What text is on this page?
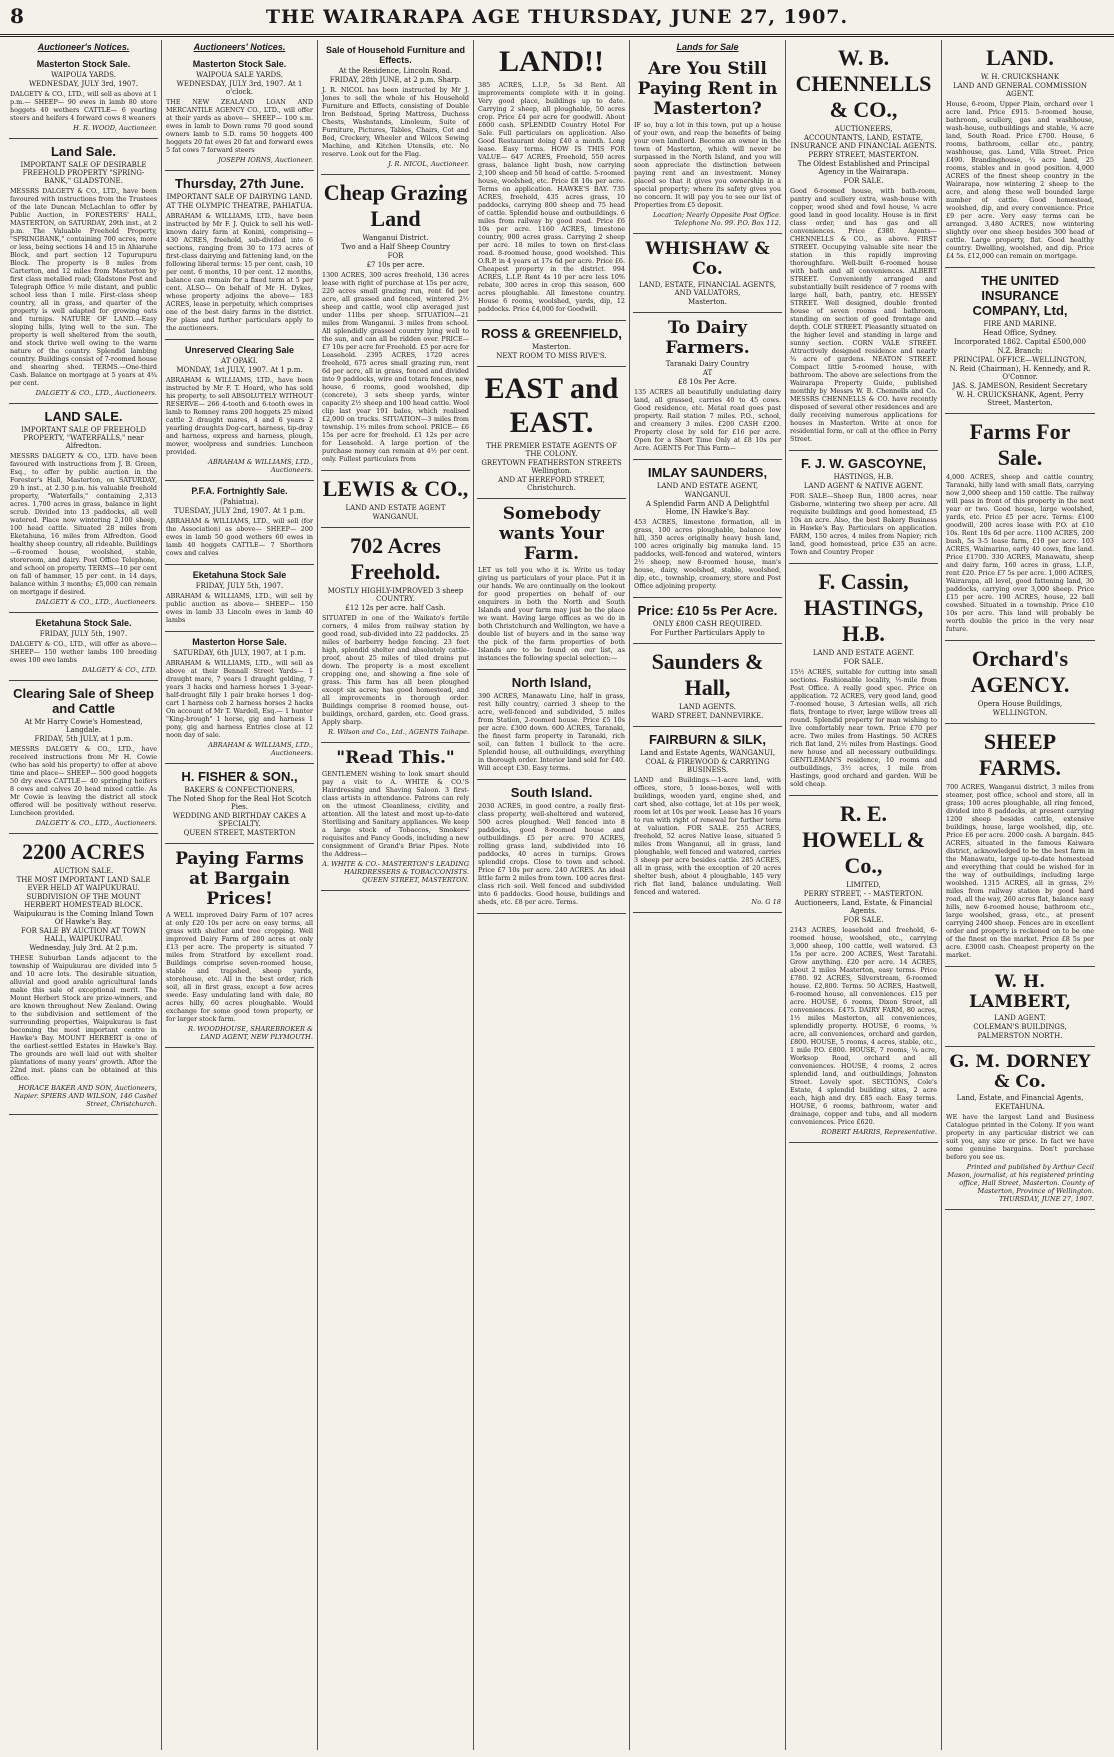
8	THE WAIRARAPA AGE THURSDAY, JUNE 27, 1907.
Auctioneer's Notices.
Masterton Stock Sale.
WAIPOUA YARDS.
WEDNESDAY, JULY 3rd, 1907.
DALGETY & CO., LTD., will sell as above at 1 p.m.— SHEEP— 90 ewes in lamb 80 store hoggets 40 wethers CATTLE— 6 yearling steers and heifers 4 forward cows 8 weaners
H. R. WOOD, Auctioneer.
Land Sale.
IMPORTANT SALE OF DESIRABLE FREEHOLD PROPERTY "SPRING-BANK," GLADSTONE.
MESSRS DALGETY & CO., LTD., have been favoured with instructions from the Trustees of the late Duncan McLachlan to offer by Public Auction, in FORESTERS' HALL, MASTERTON, on SATURDAY, 29th inst., at 2 p.m. The Valuable Freehold Property, "SPRINGBANK," containing 700 acres, more or less, being sections 14 and 15 in Ahiaruhe Block, and part section 12 Tupurupuru Block. The property is 8 miles from Carterton, and 12 miles from Masterton by first class metalled road; Gladstone Post and Telegraph Office ½ mile distant, and public school less than 1 mile. First-class sheep country, all in grass, and quarter of the property is well adapted for growing oats and turnips. NATURE OF LAND.—Easy sloping hills, lying well to the sun. The property is well sheltered from the south, and stock thrive well owing to the warm nature of the country. Splendid lambing country. Buildings consist of 7-roomed house and shearing shed. TERMS.—One-third Cash. Balance on mortgage at 5 years at 4¾ per cent.
DALGETY & CO., LTD., Auctioneers.
LAND SALE.
IMPORTANT SALE OF FREEHOLD PROPERTY, "WATERFALLS," near Alfredton.
MESSRS DALGETY & CO., LTD. have been favoured with instructions from J. B. Green, Esq., to offer by public auction in the Forester's Hall, Masterton, on SATURDAY, 29 h inst., at 2.30 p.m. his valuable freehold property, "Waterfalls," containing 2,313 acres. 1,700 acres in grass, balance in light scrub. Divided into 13 paddocks, all well watered. Place now wintering 2,100 sheep, 100 head cattle. Situated 28 miles from Eketahuna, 16 miles from Alfredton. Good healthy sheep country, all rideable. Buildings—6-roomed house, woolshed, stable, storeroom, and dairy. Post Office Telephone, and school on property. TERMS—10 per cent on fall of hammer, 15 per cent. in 14 days, balance within 3 months; £5,000 can remain on mortgage if desired.
DALGETY & CO., LTD., Auctioneers.
Eketahuna Stock Sale.
FRIDAY, JULY 5th, 1907.
DALGETY & CO., LTD., will offer as above— SHEEP— 150 wether lambs 100 breeding ewes 100 ewe lambs
DALGETY & CO., LTD.
Clearing Sale of Sheep and Cattle
At Mr Harry Cowie's Homestead, Langdale.
FRIDAY, 5th JULY, at 1 p.m.
MESSRS DALGETY & CO., LTD., have received instructions from Mr H. Cowie (who has sold his property) to offer at above time and place— SHEEP— 500 good hoggets 50 dry ewes CATTLE— 40 springing heifers 8 cows and calves 20 head mixed cattle. As Mr Cowie is leaving the district all stock offered will be positively without reserve. Luncheon provided.
DALGETY & CO., LTD., Auctioneers.
2200 ACRES
AUCTION SALE.
THE MOST IMPORTANT LAND SALE EVER HELD AT WAIPUKURAU.
SUBDIVISION OF THE MOUNT HERBERT HOMESTEAD BLOCK.
Waipukurau is the Coming Inland Town Of Hawke's Bay.
FOR SALE BY AUCTION AT TOWN HALL, WAIPUKURAU.
Wednesday, July 3rd. At 2 p.m.
THESE Suburban Lands adjacent to the township of Waipukurau are divided into 5 and 10 acre lots. The desirable situation, alluvial and good arable agricultural lands make this sale of exceptional merit. The Mount Herbert Stock are prize-winners, and are known throughout New Zealand. Owing to the subdivision and settlement of the surrounding properties, Waipukurau is fast becoming the most important centre in Hawke's Bay. MOUNT HERBERT is one of the earliest-settled Estates in Hawke's Bay. The grounds are well laid out with shelter plantations of many years' growth. After the 22nd inst. plans can be obtained at this office.
HORACE BAKER AND SON, Auctioneers, Napier. SPIERS AND WILSON, 146 Cashel Street, Christchurch.
Auctioneers' Notices.
Masterton Stock Sale.
WAIPOUA SALE YARDS.
WEDNESDAY, JULY 3rd, 1907. At 1 o'clock.
THE NEW ZEALAND LOAN AND MERCANTILE AGENCY CO., LTD., will offer at their yards as above— SHEEP— 100 s.m. ewes in lamb to Down rams 70 good sound owners lamb to S.D. rams 50 hoggets 400 hoggets 20 fat ewes 20 fat and forward ewes 5 fat cows 7 forward steers
JOSEPH IORNS, Auctioneer.
Thursday, 27th June.
IMPORTANT SALE OF DAIRYING LAND.
AT THE OLYMPIC THEATRE, PAHIATUA.
ABRAHAM & WILLIAMS, LTD., have been instructed by Mr F. J. Quick to sell his well-known dairy farm at Konini, comprising— 430 ACRES, freehold, sub-divided into 6 sections, ranging from 30 to 173 acres of first-class dairying and fattening land, on the following liberal terms: 15 per cent. cash, 10 per cent. 6 months, 10 per cent. 12 months, balance can remain for a fixed term at 5 per cent. ALSO— On behalf of Mr H. Dykes, whose property adjoins the above— 183 ACRES, lease in perpetuity, which comprises one of the best dairy farms in the district. For plans and further particulars apply to the auctioneers.
Unreserved Clearing Sale
AT OPAKI.
MONDAY, 1st JULY, 1907. At 1 p.m.
ABRAHAM & WILLIAMS, LTD., have been instructed by Mr F. T. Hoard, who has sold his property, to sell ABSOLUTELY WITHOUT RESERVE— 266 4-tooth and 6-tooth ewes in lamb to Romney rams 200 hoggets 25 mixed cattle 2 draught mares, 4 and 6 years 2 yearling draughts Dog-cart, harness, tip-dray and harness, express and harness, plough, mower, woolpress and sundries. Luncheon provided.
ABRAHAM & WILLIAMS, LTD., Auctioneers.
P.F.A. Fortnightly Sale.
(Pahiatua).
TUESDAY, JULY 2nd, 1907. At 1 p.m.
ABRAHAM & WILLIAMS, LTD., will sell (for the Association) as above— SHEEP— 200 ewes in lamb 50 good wethers 60 ewes in lamb 40 hoggets CATTLE— 7 Shorthorn cows and calves
Eketahuna Stock Sale
FRIDAY, JULY 5th, 1907.
ABRAHAM & WILLIAMS, LTD., will sell by public auction as above— SHEEP— 150 ewes in lamb 33 Lincoln ewes in lamb 40 lambs
Masterton Horse Sale.
SATURDAY, 6th JULY, 1907, at 1 p.m.
ABRAHAM & WILLIAMS, LTD., will sell as above at their Bennall Street Yards— 1 draught mare, 7 years 1 draught gelding, 7 years 3 hacks and harness horses 1 3-year-half-draught filly 1 pair brake horses 1 dog-cart 1 harness cob 2 harness horses 2 hacks On account of Mr T. Wardell, Esq.— 1 hunter "King-brough" 1 horse, gig and harness 1 pony, gig and harness Entries close at 12 noon day of sale.
ABRAHAM & WILLIAMS, LTD., Auctioneers.
H. FISHER & SON.,
BAKERS & CONFECTIONERS,
The Noted Shop for the Real Hot Scotch Pies.
WEDDING AND BIRTHDAY CAKES A SPECIALTY.
QUEEN STREET, MASTERTON
Paying Farms at Bargain Prices!
A WELL improved Dairy Farm of 107 acres at only £20 10s per acre on easy terms, all grass with shelter and tree cropping. Well improved Dairy Farm of 280 acres at only £13 per acre. The property is situated 7 miles from Stratford by excellent road. Buildings comprise seven-roomed house, stable and trapshed, sheep yards, storehouse, etc. All in the best order, rich soil, all in first grass, except a few acres swede. Easy undulating land with dale, 80 acres hilly, 60 acres ploughable. Would exchange for some good town property, or for larger stock farm.
R. WOODHOUSE, SHAREBROKER & LAND AGENT, NEW PLYMOUTH.
Sale of Household Furniture and Effects.
At the Residence, Lincoln Road.
FRIDAY, 28th JUNE, at 2 p.m. Sharp.
J. R. NICOL has been instructed by Mr J. Jones to sell the whole of his Household Furniture and Effects, consisting of Double Iron Bedstead, Spring Mattress, Duchess Chests, Washstands, Linoleum, Suite of Furniture, Pictures, Tables, Chairs, Cot and Bed, Crockery, Wheeler and Wilcox Sewing Machine, and Kitchen Utensils, etc. No reserve. Look out for the Flag.
J. R. NICOL, Auctioneer.
Cheap Grazing Land
Wanganui District.
Two and a Half Sheep Country
FOR
£7 10s per acre.
1300 ACRES, 300 acres freehold, 136 acres lease with right of purchase at 15s per acre, 220 acres small grazing run, rent 6d per acre, all grassed and fenced, wintered 2½ sheep and cattle, wool clip averaged just under 11lbs per sheep. SITUATION—21 miles from Wanganui. 3 miles from school. All splendidly grassed country lying well to the sun, and can all be ridden over. PRICE— £7 10s per acre for Freehold. £5 per acre for Leasehold. 2395 ACRES, 1720 acres freehold, 675 acres small grazing run, rent 6d per acre, all in grass, fenced and divided into 9 paddocks, wire and totara fences, new house, 6 rooms, good woolshed, dip (concrete), 3 sets sheep yards, winter capacity 2½ sheep and 100 head cattle. Wool clip last year 191 bales, which realised £2,000 on trucks. SITUATION—3 miles from township. 1½ miles from school. PRICE— £6 15s per acre for freehold. £1 12s per acre for Leasehold. A large portion of the purchase money can remain at 4½ per cent. only. Fullest particulars from
LEWIS & CO.,
LAND AND ESTATE AGENT
WANGANUI.
702 Acres Freehold.
MOSTLY HIGHLY-IMPROVED 3 sheep COUNTRY.
£12 12s per acre. half Cash.
SITUATED in one of the Waikato's fertile corners, 4 miles from railway station by good road, sub-divided into 22 paddocks. 25 miles of barberry hedge fencing. 23 feet high, splendid shelter and absolutely cattle-proof, about 25 miles of tiled drains put down. The property is a most excellent cropping one, and showing a fine sole of grass. This farm has all been ploughed except six acres; has good homestead, and all improvements in thorough order. Buildings comprise 8 roomed house, out-buildings, orchard, garden, etc. Good grass. Apply sharp.
R. Wilson and Co., Ltd., AGENTS Taihape.
"Read This."
GENTLEMEN wishing to look smart should pay a visit to A. WHITE & CO.'S Hairdressing and Shaving Saloon. 3 first-class artists in attendance. Patrons can rely on the utmost Cleanliness, civility, and attention. All the latest and most up-to-date Sterilising and Sanitary appliances. We keep a large stock of Tobaccos, Smokers' requisites and Fancy Goods, including a new consignment of Grand's Briar Pipes. Note the Address—
A. WHITE & CO.- MASTERTON'S LEADING HAIRDRESSERS & TOBACCONISTS. QUEEN STREET, MASTERTON.
LAND!!
385 ACRES, L.I.P., 5s 3d Rent. All improvements complete with it in going. Very good place, buildings up to date. Carrying 2 sheep, all ploughable, 50 acres crop. Price £4 per acre for goodwill. About £600 cash. SPLENDID Country Hotel For Sale. Full particulars on application. Also Good Restaurant doing £40 a month. Long lease. Easy terms. HOW IS THIS FOR VALUE— 647 ACRES, Freehold, 550 acres grass, balance light bush, now carrying 2,100 sheep and 50 head of cattle. 5-roomed house, woolshed, etc. Price £8 10s per acre. Terms on application. HAWKE'S BAY. 735 ACRES, freehold, 435 acres grass, 10 paddocks, carrying 800 sheep and 75 head of cattle. Splendid house and outbuildings. 6 miles from railway by good road. Price £6 10s per acre. 1160 ACRES, limestone country, 900 acres grass. Carrying 2 sheep per acre. 18 miles to town on first-class road. 8-roomed house, good woolshed. This O.R.P. in 4 years at 17s 6d per acre. Price £6. Cheapest property in the district. 994 ACRES, L.I.P. Rent 4s 10 per acre less 10% rebate, 300 acres in crop this season, 600 acres ploughable. All limestone country. House 6 rooms, woolshed, yards, dip, 12 paddocks. Price £4,000 for Goodwill.
ROSS & GREENFIELD,
Masterton.
NEXT ROOM TO MISS RIVE'S.
EAST and EAST.
THE PREMIER ESTATE AGENTS OF THE COLONY.
GREYTOWN FEATHERSTON STREETS Wellington.
AND AT HEREFORD STREET, Christchurch.
Somebody wants Your Farm.
LET us tell you who it is. Write us today giving us particulars of your place. Put it in our hands. We are continually on the lookout for good properties on behalf of our enquirers in both the North and South Islands and your farm may just be the place we want. Having large offices as we do in both Christchurch and Wellington, we have a double list of buyers and in the same way the pick of the farm properties of both Islands are to be found on our list, as instances the following special selection:—
North Island,
390 ACRES, Manawatu Line, half in grass, rest hilly country, carried 3 sheep to the acre, well-fenced and subdivided, 5 miles from Station, 2-roomed house. Price £5 10s per acre. £300 down. 600 ACRES, Taranaki, the finest farm property in Taranaki, rich soil, can fatten 1 bullock to the acre. Splendid house, all outbuildings, everything in thorough order. Interior land sold for £40. Will accept £30. Easy terms.
South Island.
2030 ACRES, in good centre, a really first-class property, well-sheltered and watered, 500 acres ploughed. Well fenced into 8 paddocks, good 8-roomed house and outbuildings. £5 per acre. 970 ACRES, rolling grass land, subdivided into 16 paddocks, 40 acres in turnips. Grows splendid crops. Close to town and school. Price £7 10s per acre. 240 ACRES. An ideal little farm 2 miles from town. 100 acres first-class rich soil. Well fenced and subdivided into 6 paddocks. Good house, buildings and sheds, etc. £8 per acre. Terms.
Lands for Sale
Are You Still Paying Rent in Masterton?
IF so, buy a lot in this town, put up a house of your own, and reap the benefits of being your own landlord. Become an owner in the town of Masterton, which will never be surpassed in the North Island, and you will soon appreciate the distinction between paying rent and an investment. Money placed so that it gives you ownership in a special property; where its safety gives you no concern. It will pay you to see our list of Properties from £5 deposit.
Location; Nearly Opposite Post Office. Telephone No. 99. P.O. Box 112.
WHISHAW & Co.
LAND, ESTATE, FINANCIAL AGENTS, AND VALUATORS,
Masterton.
To Dairy Farmers.
Taranaki Dairy Country
AT
£8 10s Per Acre.
135 ACRES all beautifully undulating dairy land, all grassed, carries 40 to 45 cows. Good residence, etc. Metal road goes past property. Rail station 7 miles. P.O., school, and creamery 3 miles. £200 CASH £200. Property close by sold for £16 per acre. Open for a Short Time Only at £8 10s per Acre. AGENTS For This Farm—
IMLAY SAUNDERS,
LAND AND ESTATE AGENT,
WANGANUI.
A Splendid Farm AND A Delightful Home, IN Hawke's Bay.
453 ACRES, limestone formation, all in grass, 100 acres ploughable, balance low hill, 350 acres originally heavy bush land, 100 acres originally big manuka land. 15 paddocks, well-fenced and watered, winters 2½ sheep, new 8-roomed house, man's house, dairy, woolshed, stable, woolshed, dip, etc., township, creamery, store and Post Office adjoining property.
Price: £10 5s Per Acre.
ONLY £800 CASH REQUIRED.
For Further Particulars Apply to
Saunders & Hall,
LAND AGENTS.
WARD STREET, DANNEVIRKE.
FAIRBURN & SILK,
Land and Estate Agents, WANGANUI,
COAL & FIREWOOD & CARRYING BUSINESS.
LAND and Buildings.—1-acre land, with offices, store, 5 loose-boxes, well with buildings, wooden yard, engine shed, and cart shed, also cottage, let at 10s per week, room let at 10s per week. Lease has 16 years to run with right of renewal for further term at valuation. FOR SALE. 255 ACRES, freehold, 52 acres Native lease, situated 5 miles from Wanganui, all in grass, land ploughable, well fenced and watered, carries 3 sheep per acre besides cattle. 285 ACRES, all in grass, with the exception of 20 acres shelter bush, about 4 ploughable, 145 very rich flat land, balance undulating. Well fenced and watered.
No. G 18
W. B. CHENNELLS & CO.,
AUCTIONEERS,
ACCOUNTANTS, LAND, ESTATE, INSURANCE AND FINANCIAL AGENTS.
PERRY STREET, MASTERTON.
The Oldest Established and Principal Agency in the Wairarapa.
FOR SALE.
Good 6-roomed house, with bath-room, pantry and scullery extra, wash-house with copper, wood shed and fowl house, ¼ acre good land in good locality. House is in first class order, and has gas and all conveniences. Price £380. Agents—CHENNELLS & CO., as above. FIRST STREET. Occupying valuable site near the station in this rapidly improving thoroughfare. Well-built 6-roomed house with bath and all conveniences. ALBERT STREET. Conveniently arranged and substantially built residence of 7 rooms with large hall, bath, pantry, etc. HESSEY STREET. Well designed, double fronted house of seven rooms and bathroom, standing on section of good frontage and depth. COLE STREET. Pleasantly situated on the higher level and standing in large and sunny section. CORN VALE STREET. Attractively designed residence and nearly ¾ acre of gardens. NEATON STREET. Compact little 5-roomed house, with bathroom. The above are selections from the Wairarapa Property Guide, published monthly by Messrs W. B. Chennells and Co. MESSRS CHENNELLS & CO. have recently disposed of several other residences and are daily receiving numerous applications for houses in Masterton. Write at once for residential form, or call at the office in Perry Street.
F. J. W. GASCOYNE,
HASTINGS, H.B.
LAND AGENT & NATIVE AGENT.
FOR SALE—Sheep Run, 1800 acres, near Gisborne, wintering two sheep per acre. All requisite buildings and good homestead, £5 10s an acre. Also, the best Bakery Business in Hawke's Bay. Particulars on application. FARM, 150 acres, 4 miles from Napier; rich land, good homestead, price £35 an acre. Town and Country Proper
F. Cassin, HASTINGS, H.B.
LAND AND ESTATE AGENT.
FOR SALE.
15½ ACRES, suitable for cutting into small sections. Fashionable locality, ½-mile from Post Office. A really good spec. Price on application. 72 ACRES, very good land, good 7-roomed house, 3 Artesian wells, all rich flats, frontage to river, large willow trees all round. Splendid property for man wishing to live comfortably near town. Price £70 per acre. Two miles from Hastings. 50 ACRES rich flat land, 2½ miles from Hastings. Good new house and all necessary outbuildings. GENTLEMAN'S residence, 10 rooms and outbuildings, 3½ acres, 1 mile from Hastings, good orchard and garden. Will be sold cheap.
R. E. HOWELL & Co.,
LIMITED,
PERRY STREET, - - MASTERTON.
Auctioneers, Land, Estate, & Financial Agents.
FOR SALE.
2143 ACRES, leasehold and freehold, 6-roomed house, woolshed, etc., carrying 3,000 sheep, 100 cattle, well watered. £3 15s per acre. 200 ACRES, West Taratahi. Grow anything. £20 per acre. 14 ACRES, about 2 miles Masterton, easy terms. Price £780. 92 ACRES, Silverstream, 6-roomed house. £2,800. Terms. 50 ACRES, Hastwell, 6-roomed house, all conveniences. £15 per acre. HOUSE, 6 rooms, Dixon Street, all conveniences. £475. DAIRY FARM, 80 acres, 1½ miles Masterton, all conveniences, splendidly property. HOUSE, 6 rooms, ¼ acre, all conveniences, orchard and garden, £800. HOUSE, 5 rooms, 4 acres, stable, etc., 1 mile P.O. £800. HOUSE, 7 rooms, ¼ acre, Worksop Road, orchard and all conveniences. HOUSE, 4 rooms, 2 acres splendid land, and outbuildings, Johnston Street. Lovely spot. SECTIONS, Cole's Estate, 4 splendid building sites, 2 acre each, high and dry. £85 each. Easy terms. HOUSE, 6 rooms, bathroom, water and drainage, copper and tubs, and all modern conveniences. Price £620.
ROBERT HARRIS, Representative.
LAND.
W. H. CRUICKSHANK
LAND AND GENERAL COMMISSION AGENT.
House, 6-room, Upper Plain, orchard over 1 acre land. Price £915. 5-roomed house, bathroom, scullery, gas and washhouse, wash-house, outbuildings and stable, ¼ acre land, South Road. Price £700. House, 6 rooms, bathroom, cellar etc., pantry, washhouse, gas. Land, Villa Street. Price £490. Brandinghouse, ¼ acre land, 25 rooms, stables and in good position. 4,000 ACRES of the finest sheep country in the Wairarapa, now wintering 2 sheep to the acre, and along these well bounded large number of cattle. Good homestead, woolshed, dip, and every convenience. Price £9 per acre. Very easy terms can be arranged. 3,480 ACRES, now wintering slightly over one sheep besides 300 head of cattle. Large property, flat. Good healthy country. Dwelling, woolshed, and dip. Price £4 5s. £12,000 can remain on mortgage.
THE UNITED INSURANCE COMPANY, Ltd,
FIRE AND MARINE.
Head Office, Sydney.
Incorporated 1862. Capital £500,000
N.Z. Branch:
PRINCIPAL OFFICE—WELLINGTON,
N. Reid (Chairman), H. Kennedy, and R. O'Connor.
JAS. S. JAMESON, Resident Secretary
W. H. CRUICKSHANK, Agent, Perry Street, Masterton,
Farms For Sale.
4,000 ACRES, sheep and cattle country, Taranaki, hilly land with small flats, carrying now 2,000 sheep and 150 cattle. The railway will pass in front of this property in the next year or two. Good house, large woolshed, yards, etc. Price £5 per acre. Terms: £100 goodwill, 200 acres lease with P.O. at £10 10s. Rent 10s 6d per acre. 1100 ACRES, 200 bush, 5s 3-5 lease farm, £10 per acre. 103 ACRES, Waimarino, early 40 cows, fine land. Price £1700. 330 ACRES, Manawatu, sheep and dairy farm, 160 acres in grass, L.I.P., rent £20. Price £7 5s per acre. 1,000 ACRES, Wairarapa, all level, good fattening land, 30 paddocks, carrying over 3,000 sheep. Price £15 per acre. 190 ACRES, house, 22 ball cowshed. Situated in a township. Price £10 10s per acre. This land will probably be worth double the price in the very near future.
Orchard's AGENCY.
Opera House Buildings,
WELLINGTON.
SHEEP FARMS.
700 ACRES, Wanganui district, 3 miles from steamer, post office, school and store, all in grass; 100 acres ploughable, all ring fenced, divided into 8 paddocks, at present carrying 1200 sheep besides cattle, extensive buildings, house, large woolshed, dip, etc. Price £6 per acre. 2000 cash. A bargain. 845 ACRES, situated in the famous Kaiwara district, acknowledged to be the best farm in the Manawatu, large up-to-date homestead and everything that could be wished for in the way of outbuildings, including large woolshed. 1315 ACRES, all in grass, 2½ miles from railway station by good hard road, all the way, 260 acres flat, balance easy hills, new 6-roomed house, bathroom etc., large woolshed, grass, etc., at present carrying 2400 sheep. Fences are in excellent order and property is reckoned on to be one of the finest on the market. Price £8 5s per acre. £3000 cash. Cheapest property on the market.
W. H. LAMBERT,
LAND AGENT.
COLEMAN'S BUILDINGS,
PALMERSTON NORTH.
G. M. DORNEY & Co.
Land, Estate, and Financial Agents,
EKETAHUNA.
WE have the largest Land and Business Catalogue printed in the Colony. If you want property in any particular district we can suit you, any size or price. In fact we have some genuine bargains. Don't purchase before you see us.
Printed and published by Arthur Cecil Mason, journalist, at his registered printing office, Hall Street, Masterton. County of Masterton, Province of Wellington. THURSDAY, JUNE 27, 1907.
